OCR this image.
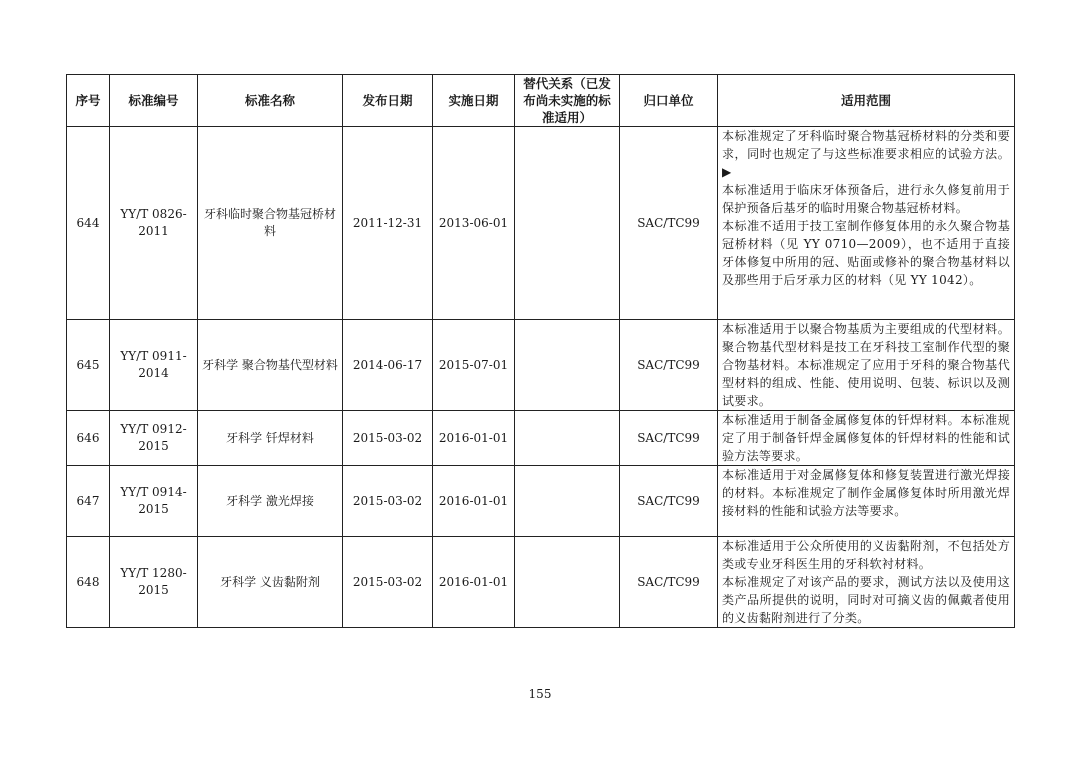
序号	标准编号	标准名称	发布日期	实施日期	替代关系（已发布尚未实施的标准适用）	归口单位	适用范围
644	YY/T 0826-2011	牙科临时聚合物基冠桥材料	2011-12-31	2013-06-01		SAC/TC99	本标准规定了牙科临时聚合物基冠桥材料的分类和要求，同时也规定了与这些标准要求相应的试验方法。▶
本标准适用于临床牙体预备后，进行永久修复前用于保护预备后基牙的临时用聚合物基冠桥材料。
本标准不适用于技工室制作修复体用的永久聚合物基冠桥材料（见 YY 0710—2009），也不适用于直接牙体修复中所用的冠、贴面或修补的聚合物基材料以及那些用于后牙承力区的材料（见 YY 1042）。

645	YY/T 0911-2014	牙科学 聚合物基代型材料	2014-06-17	2015-07-01		SAC/TC99	本标准适用于以聚合物基质为主要组成的代型材料。聚合物基代型材料是技工在牙科技工室制作代型的聚合物基材料。本标准规定了应用于牙科的聚合物基代型材料的组成、性能、使用说明、包装、标识以及测试要求。

646	YY/T 0912-2015	牙科学 钎焊材料	2015-03-02	2016-01-01		SAC/TC99	本标准适用于制备金属修复体的钎焊材料。本标准规定了用于制备钎焊金属修复体的钎焊材料的性能和试验方法等要求。

647	YY/T 0914-2015	牙科学 激光焊接	2015-03-02	2016-01-01		SAC/TC99	本标准适用于对金属修复体和修复装置进行激光焊接的材料。本标准规定了制作金属修复体时所用激光焊接材料的性能和试验方法等要求。

648	YY/T 1280-2015	牙科学 义齿黏附剂	2015-03-02	2016-01-01		SAC/TC99	本标准适用于公众所使用的义齿黏附剂，不包括处方类或专业牙科医生用的牙科软衬材料。
本标准规定了对该产品的要求，测试方法以及使用这类产品所提供的说明，同时对可摘义齿的佩戴者使用的义齿黏附剂进行了分类。
155
